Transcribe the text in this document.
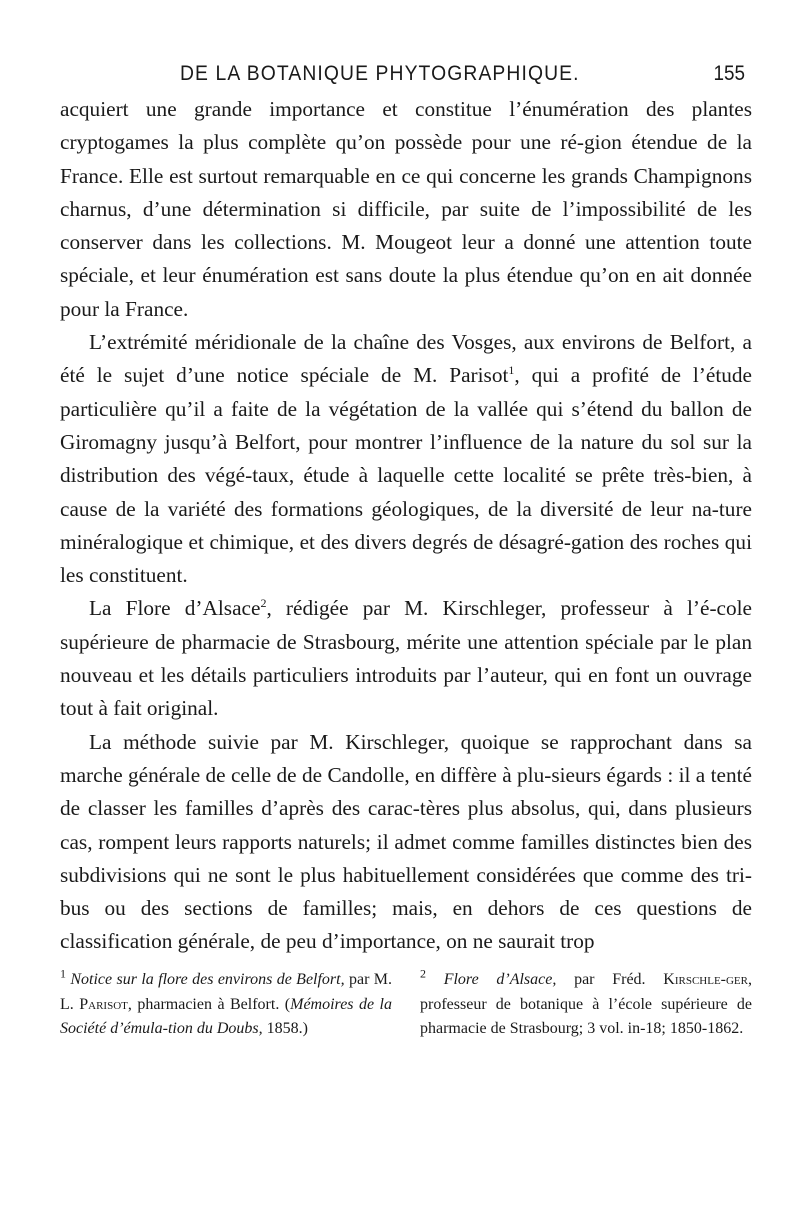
DE LA BOTANIQUE PHYTOGRAPHIQUE.	155

acquiert une grande importance et constitue l’énumération des plantes cryptogames la plus complète qu’on possède pour une ré-gion étendue de la France. Elle est surtout remarquable en ce qui concerne les grands Champignons charnus, d’une détermination si difficile, par suite de l’impossibilité de les conserver dans les collections. M. Mougeot leur a donné une attention toute spéciale, et leur énumération est sans doute la plus étendue qu’on en ait donnée pour la France.

L’extrémité méridionale de la chaîne des Vosges, aux environs de Belfort, a été le sujet d’une notice spéciale de M. Parisot$^1$, qui a profité de l’étude particulière qu’il a faite de la végétation de la vallée qui s’étend du ballon de Giromagny jusqu’à Belfort, pour montrer l’influence de la nature du sol sur la distribution des végé-taux, étude à laquelle cette localité se prête très-bien, à cause de la variété des formations géologiques, de la diversité de leur na-ture minéralogique et chimique, et des divers degrés de désagré-gation des roches qui les constituent.

La Flore d’Alsace$^2$, rédigée par M. Kirschleger, professeur à l’é-cole supérieure de pharmacie de Strasbourg, mérite une attention spéciale par le plan nouveau et les détails particuliers introduits par l’auteur, qui en font un ouvrage tout à fait original.

La méthode suivie par M. Kirschleger, quoique se rapprochant dans sa marche générale de celle de de Candolle, en diffère à plu-sieurs égards : il a tenté de classer les familles d’après des carac-tères plus absolus, qui, dans plusieurs cas, rompent leurs rapports naturels; il admet comme familles distinctes bien des subdivisions qui ne sont le plus habituellement considérées que comme des tri-bus ou des sections de familles; mais, en dehors de ces questions de classification générale, de peu d’importance, on ne saurait trop

$^1$ Notice sur la flore des environs de Belfort, par M. L. Parisot, pharmacien à Belfort. (Mémoires de la Société d’émula-tion du Doubs, 1858.)
$^2$ Flore d’Alsace, par Fréd. Kirschle-ger, professeur de botanique à l’école supérieure de pharmacie de Strasbourg; 3 vol. in-18; 1850-1862.
